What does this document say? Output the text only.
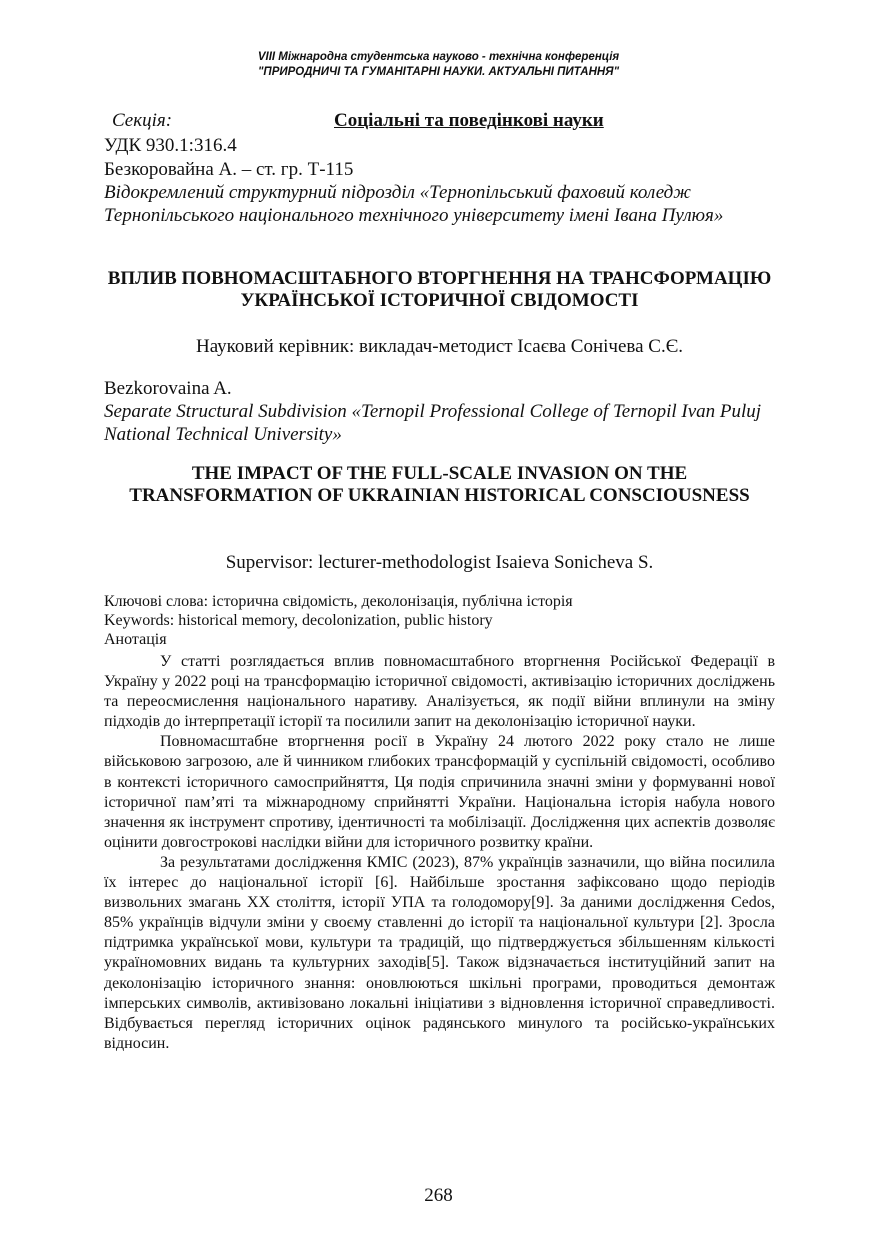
VIII Міжнародна студентська науково - технічна конференція
"ПРИРОДНИЧІ ТА ГУМАНІТАРНІ НАУКИ. АКТУАЛЬНІ ПИТАННЯ"
Секція:	Соціальні та поведінкові науки
УДК 930.1:316.4
Безкоровайна А. – ст. гр. Т-115
Відокремлений структурний підрозділ «Тернопільський фаховий коледж Тернопільського національного технічного університету імені Івана Пулюя»
ВПЛИВ ПОВНОМАСШТАБНОГО ВТОРГНЕННЯ НА ТРАНСФОРМАЦІЮ УКРАЇНСЬКОЇ ІСТОРИЧНОЇ СВІДОМОСТІ
Науковий керівник: викладач-методист Ісаєва Сонічева С.Є.
Bezkorovaina A.
Separate Structural Subdivision «Ternopil Professional College of Ternopil Ivan Puluj National Technical University»
THE IMPACT OF THE FULL-SCALE INVASION ON THE TRANSFORMATION OF UKRAINIAN HISTORICAL CONSCIOUSNESS
Supervisor: lecturer-methodologist Isaieva Sonicheva S.
Ключові слова: історична свідомість, деколонізація, публічна історія
Keywords: historical memory, decolonization, public history
Анотація

У статті розглядається вплив повномасштабного вторгнення Російської Федерації в Україну у 2022 році на трансформацію історичної свідомості, активізацію історичних досліджень та переосмислення національного наративу. Аналізується, як події війни вплинули на зміну підходів до інтерпретації історії та посилили запит на деколонізацію історичної науки.

Повномасштабне вторгнення росії в Україну 24 лютого 2022 року стало не лише військовою загрозою, але й чинником глибоких трансформацій у суспільній свідомості, особливо в контексті історичного самосприйняття, Ця подія спричинила значні зміни у формуванні нової історичної пам’яті та міжнародному сприйнятті України. Національна історія набула нового значення як інструмент спротиву, ідентичності та мобілізації. Дослідження цих аспектів дозволяє оцінити довгострокові наслідки війни для історичного розвитку країни.

За результатами дослідження КМІС (2023), 87% українців зазначили, що війна посилила їх інтерес до національної історії [6]. Найбільше зростання зафіксовано щодо періодів визвольних змагань ХХ століття, історії УПА та голодомору[9]. За даними дослідження Cedos, 85% українців відчули зміни у своєму ставленні до історії та національної культури [2]. Зросла підтримка української мови, культури та традицій, що підтверджується збільшенням кількості україномовних видань та культурних заходів[5]. Також відзначається інституційний запит на деколонізацію історичного знання: оновлюються шкільні програми, проводиться демонтаж імперських символів, активізовано локальні ініціативи з відновлення історичної справедливості. Відбувається перегляд історичних оцінок радянського минулого та російсько-українських відносин.

268
